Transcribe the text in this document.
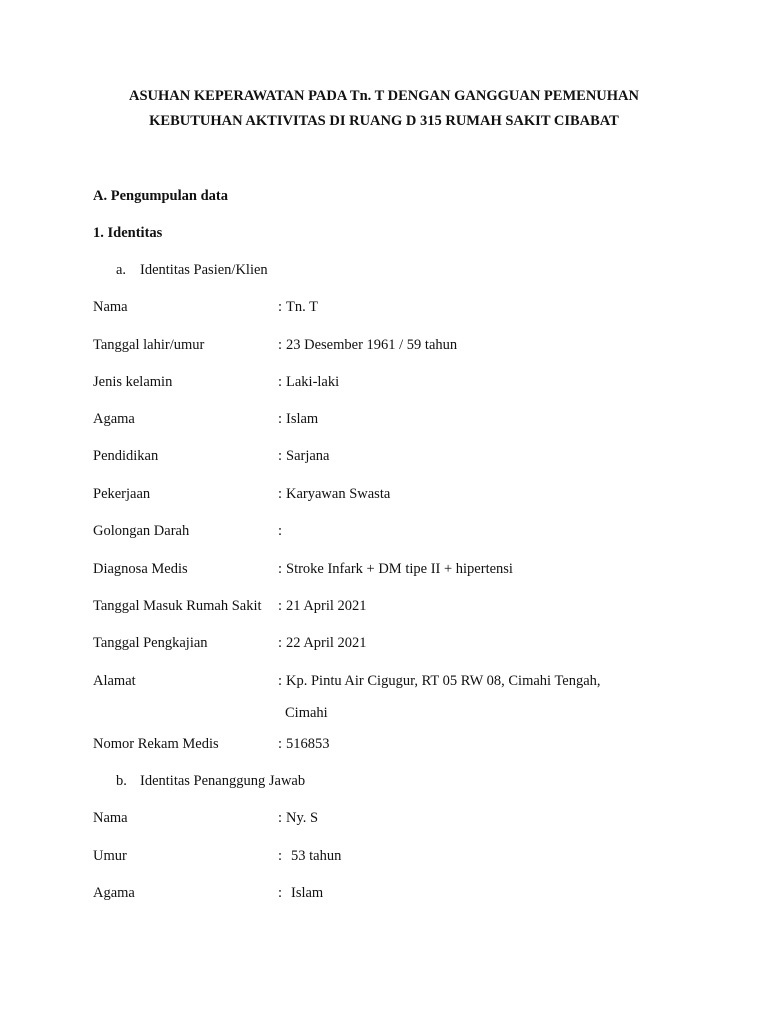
ASUHAN KEPERAWATAN PADA Tn. T DENGAN GANGGUAN PEMENUHAN
KEBUTUHAN AKTIVITAS DI RUANG D 315 RUMAH SAKIT CIBABAT
A. Pengumpulan data
1. Identitas
a. Identitas Pasien/Klien
Nama	: Tn. T
Tanggal lahir/umur	: 23 Desember 1961 / 59 tahun
Jenis kelamin	: Laki-laki
Agama	: Islam
Pendidikan	: Sarjana
Pekerjaan	: Karyawan Swasta
Golongan Darah	:
Diagnosa Medis	: Stroke Infark + DM tipe II + hipertensi
Tanggal Masuk Rumah Sakit : 21 April 2021
Tanggal Pengkajian	: 22 April 2021
Alamat	: Kp. Pintu Air Cigugur, RT 05 RW 08, Cimahi Tengah,
Cimahi
Nomor Rekam Medis	: 516853
b. Identitas Penanggung Jawab
Nama	: Ny. S
Umur	: 53 tahun
Agama	: Islam
